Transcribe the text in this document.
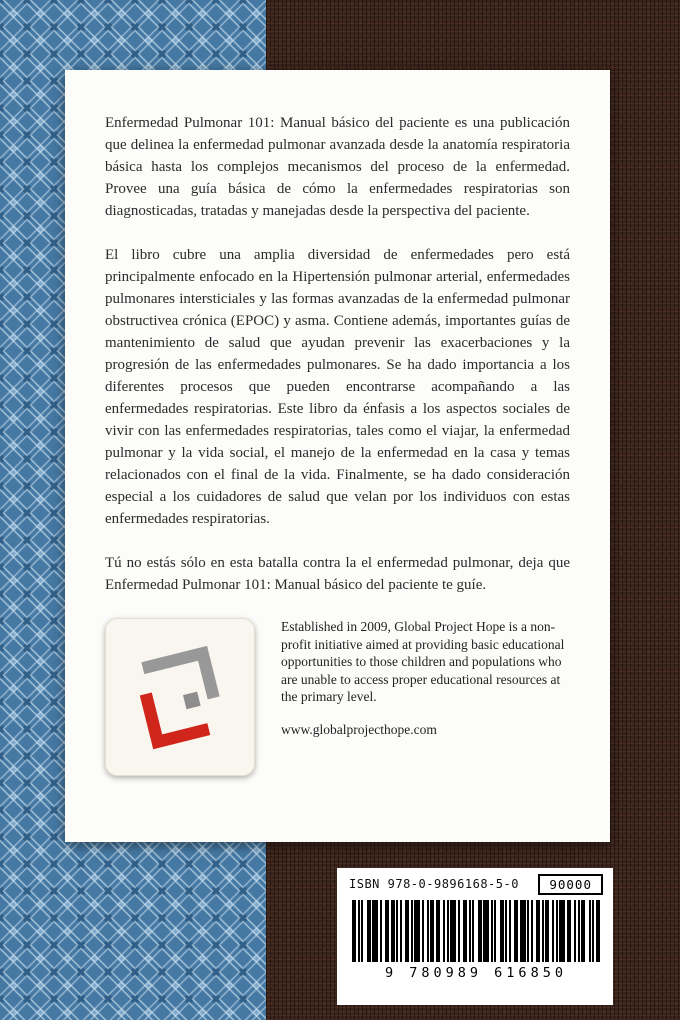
Enfermedad Pulmonar 101: Manual básico del paciente es una publicación que delinea la enfermedad pulmonar avanzada desde la anatomía respiratoria básica hasta los complejos mecanismos del proceso de la enfermedad. Provee una guía básica de cómo la enfermedades respiratorias son diagnosticadas, tratadas y manejadas desde la perspectiva del paciente.

El libro cubre una amplia diversidad de enfermedades pero está principalmente enfocado en la Hipertensión pulmonar arterial, enfermedades pulmonares intersticiales y las formas avanzadas de la enfermedad pulmonar obstructivea crónica (EPOC) y asma. Contiene además, importantes guías de mantenimiento de salud que ayudan prevenir las exacerbaciones y la progresión de las enfermedades pulmonares. Se ha dado importancia a los diferentes procesos que pueden encontrarse acompañando a las enfermedades respiratorias. Este libro da énfasis a los aspectos sociales de vivir con las enfermedades respiratorias, tales como el viajar, la enfermedad pulmonar y la vida social, el manejo de la enfermedad en la casa y temas relacionados con el final de la vida. Finalmente, se ha dado consideración especial a los cuidadores de salud que velan por los individuos con estas enfermedades respiratorias.

Tú no estás sólo en esta batalla contra la el enfermedad pulmonar, deja que Enfermedad Pulmonar 101: Manual básico del paciente te guíe.

Established in 2009, Global Project Hope is a non-profit initiative aimed at providing basic educational opportunities to those children and populations who are unable to access proper educational resources at the primary level.

www.globalprojecthope.com

ISBN 978-0-9896168-5-0	90000
9 780989 616850
